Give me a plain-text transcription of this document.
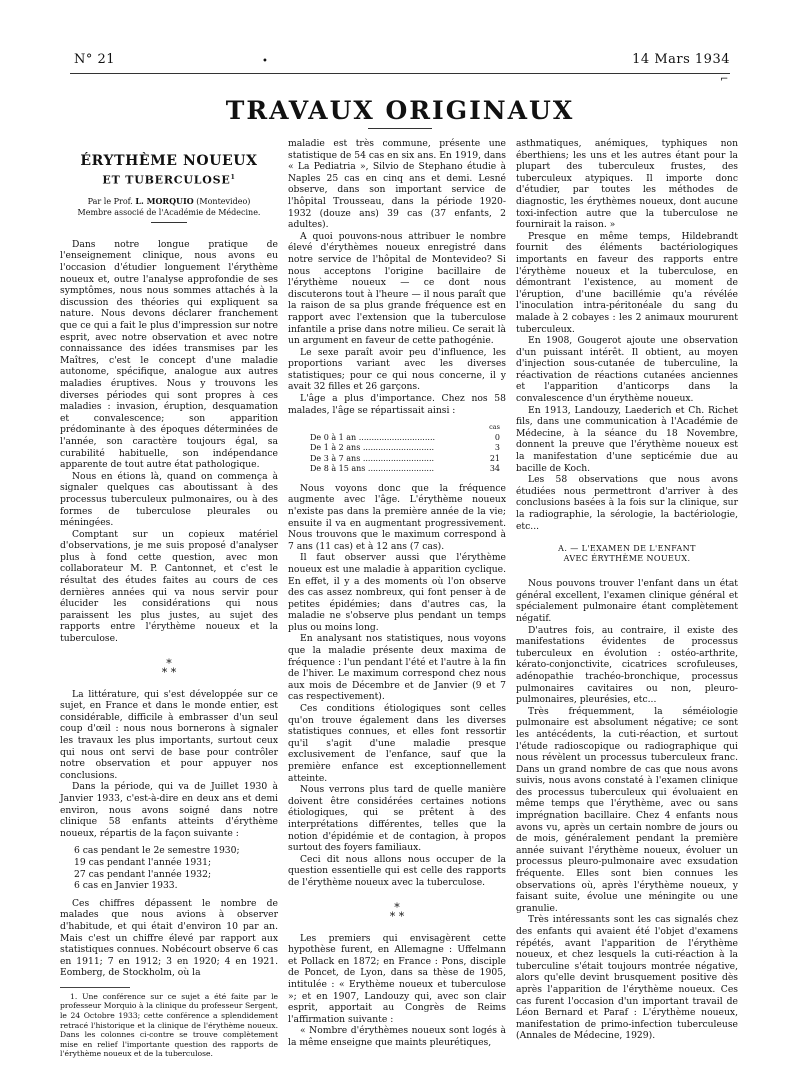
N° 21	•	14 Mars 1934
⌐
TRAVAUX ORIGINAUX
ÉRYTHÈME NOUEUX
ET TUBERCULOSE$^1$
Par le Prof. L. MORQUIO (Montevideo)
Membre associé de l'Académie de Médecine.

Dans notre longue pratique de l'enseignement clinique, nous avons eu l'occasion d'étudier longuement l'érythème noueux et, outre l'analyse approfondie de ses symptômes, nous nous sommes attachés à la discussion des théories qui expliquent sa nature. Nous devons déclarer franchement que ce qui a fait le plus d'impression sur notre esprit, avec notre observation et avec notre connaissance des idées transmises par les Maîtres, c'est le concept d'une maladie autonome, spécifique, analogue aux autres maladies éruptives. Nous y trouvons les diverses périodes qui sont propres à ces maladies : invasion, éruption, desquamation et convalescence; son apparition prédominante à des époques déterminées de l'année, son caractère toujours égal, sa curabilité habituelle, son indépendance apparente de tout autre état pathologique.

Nous en étions là, quand on commença à signaler quelques cas aboutissant à des processus tuberculeux pulmonaires, ou à des formes de tuberculose pleurales ou méningées.

Comptant sur un copieux matériel d'observations, je me suis proposé d'analyser plus à fond cette question, avec mon collaborateur M. P. Cantonnet, et c'est le résultat des études faites au cours de ces dernières années qui va nous servir pour élucider les considérations qui nous paraissent les plus justes, au sujet des rapports entre l'érythème noueux et la tuberculose.

*
* *

La littérature, qui s'est développée sur ce sujet, en France et dans le monde entier, est considérable, difficile à embrasser d'un seul coup d'œil : nous nous bornerons à signaler les travaux les plus importants, surtout ceux qui nous ont servi de base pour contrôler notre observation et pour appuyer nos conclusions.

Dans la période, qui va de Juillet 1930 à Janvier 1933, c'est-à-dire en deux ans et demi environ, nous avons soigné dans notre clinique 58 enfants atteints d'érythème noueux, répartis de la façon suivante :

6 cas pendant le 2e semestre 1930;
19 cas pendant l'année 1931;
27 cas pendant l'année 1932;
6 cas en Janvier 1933.

Ces chiffres dépassent le nombre de malades que nous avions à observer d'habitude, et qui était d'environ 10 par an. Mais c'est un chiffre élevé par rapport aux statistiques connues. Nobécourt observe 6 cas en 1911; 7 en 1912; 3 en 1920; 4 en 1921. Eomberg, de Stockholm, où la

1. Une conférence sur ce sujet a été faite par le professeur Morquio à la clinique du professeur Sergent, le 24 Octobre 1933; cette conférence a splendidement retracé l'historique et la clinique de l'érythème noueux. Dans les colonnes ci-contre se trouve complètement mise en relief l'importante question des rapports de l'érythème noueux et de la tuberculose.

maladie est très commune, présente une statistique de 54 cas en six ans. En 1919, dans « La Pediatria », Silvio de Stephano étudie à Naples 25 cas en cinq ans et demi. Lesné observe, dans son important service de l'hôpital Trousseau, dans la période 1920-1932 (douze ans) 39 cas (37 enfants, 2 adultes).

A quoi pouvons-nous attribuer le nombre élevé d'érythèmes noueux enregistré dans notre service de l'hôpital de Montevideo? Si nous acceptons l'origine bacillaire de l'érythème noueux — ce dont nous discuterons tout à l'heure — il nous paraît que la raison de sa plus grande fréquence est en rapport avec l'extension que la tuberculose infantile a prise dans notre milieu. Ce serait là un argument en faveur de cette pathogénie.

Le sexe paraît avoir peu d'influence, les proportions variant avec les diverses statistiques; pour ce qui nous concerne, il y avait 32 filles et 26 garçons.

L'âge a plus d'importance. Chez nos 58 malades, l'âge se répartissait ainsi :

cas
De 0 à 1 an ..............................	0
De 1 à 2 ans ............................	3
De 3 à 7 ans ............................	21
De 8 à 15 ans ..........................	34

Nous voyons donc que la fréquence augmente avec l'âge. L'érythème noueux n'existe pas dans la première année de la vie; ensuite il va en augmentant progressivement. Nous trouvons que le maximum correspond à 7 ans (11 cas) et à 12 ans (7 cas).

Il faut observer aussi que l'érythème noueux est une maladie à apparition cyclique. En effet, il y a des moments où l'on observe des cas assez nombreux, qui font penser à de petites épidémies; dans d'autres cas, la maladie ne s'observe plus pendant un temps plus ou moins long.

En analysant nos statistiques, nous voyons que la maladie présente deux maxima de fréquence : l'un pendant l'été et l'autre à la fin de l'hiver. Le maximum correspond chez nous aux mois de Décembre et de Janvier (9 et 7 cas respectivement).

Ces conditions étiologiques sont celles qu'on trouve également dans les diverses statistiques connues, et elles font ressortir qu'il s'agit d'une maladie presque exclusivement de l'enfance, sauf que la première enfance est exceptionnellement atteinte.

Nous verrons plus tard de quelle manière doivent être considérées certaines notions étiologiques, qui se prêtent à des interprétations différentes, telles que la notion d'épidémie et de contagion, à propos surtout des foyers familiaux.

Ceci dit nous allons nous occuper de la question essentielle qui est celle des rapports de l'érythème noueux avec la tuberculose.

*
* *

Les premiers qui envisagèrent cette hypothèse furent, en Allemagne : Uffelmann et Pollack en 1872; en France : Pons, disciple de Poncet, de Lyon, dans sa thèse de 1905, intitulée : « Erythème noueux et tuberculose »; et en 1907, Landouzy qui, avec son clair esprit, apportait au Congrès de Reims l'affirmation suivante :

« Nombre d'érythèmes noueux sont logés à la même enseigne que maints pleurétiques,

asthmatiques, anémiques, typhiques non éberthiens; les uns et les autres étant pour la plupart des tuberculeux frustes, des tuberculeux atypiques. Il importe donc d'étudier, par toutes les méthodes de diagnostic, les érythèmes noueux, dont aucune toxi-infection autre que la tuberculose ne fournirait la raison. »

Presque en même temps, Hildebrandt fournit des éléments bactériologiques importants en faveur des rapports entre l'érythème noueux et la tuberculose, en démontrant l'existence, au moment de l'éruption, d'une bacillémie qu'a révélée l'inoculation intra-péritonéale du sang du malade à 2 cobayes : les 2 animaux moururent tuberculeux.

En 1908, Gougerot ajoute une observation d'un puissant intérêt. Il obtient, au moyen d'injection sous-cutanée de tuberculine, la réactivation de réactions cutanées anciennes et l'apparition d'anticorps dans la convalescence d'un érythème noueux.

En 1913, Landouzy, Laederich et Ch. Richet fils, dans une communication à l'Académie de Médecine, à la séance du 18 Novembre, donnent la preuve que l'érythème noueux est la manifestation d'une septicémie due au bacille de Koch.

Les 58 observations que nous avons étudiées nous permettront d'arriver à des conclusions basées à la fois sur la clinique, sur la radiographie, la sérologie, la bactériologie, etc...

A. — L'EXAMEN DE L'ENFANT
AVEC ÉRYTHÈME NOUEUX.

Nous pouvons trouver l'enfant dans un état général excellent, l'examen clinique général et spécialement pulmonaire étant complètement négatif.

D'autres fois, au contraire, il existe des manifestations évidentes de processus tuberculeux en évolution : ostéo-arthrite, kérato-conjonctivite, cicatrices scrofuleuses, adénopathie trachéo-bronchique, processus pulmonaires cavitaires ou non, pleuro-pulmonaires, pleurésies, etc...

Très fréquemment, la séméiologie pulmonaire est absolument négative; ce sont les antécédents, la cuti-réaction, et surtout l'étude radioscopique ou radiographique qui nous révèlent un processus tuberculeux franc. Dans un grand nombre de cas que nous avons suivis, nous avons constaté à l'examen clinique des processus tuberculeux qui évoluaient en même temps que l'érythème, avec ou sans imprégnation bacillaire. Chez 4 enfants nous avons vu, après un certain nombre de jours ou de mois, généralement pendant la première année suivant l'érythème noueux, évoluer un processus pleuro-pulmonaire avec exsudation fréquente. Elles sont bien connues les observations où, après l'érythème noueux, y faisant suite, évolue une méningite ou une granulie.

Très intéressants sont les cas signalés chez des enfants qui avaient été l'objet d'examens répétés, avant l'apparition de l'érythème noueux, et chez lesquels la cuti-réaction à la tuberculine s'était toujours montrée négative, alors qu'elle devint brusquement positive dès après l'apparition de l'érythème noueux. Ces cas furent l'occasion d'un important travail de Léon Bernard et Paraf : L'érythème noueux, manifestation de primo-infection tuberculeuse (Annales de Médecine, 1929).
